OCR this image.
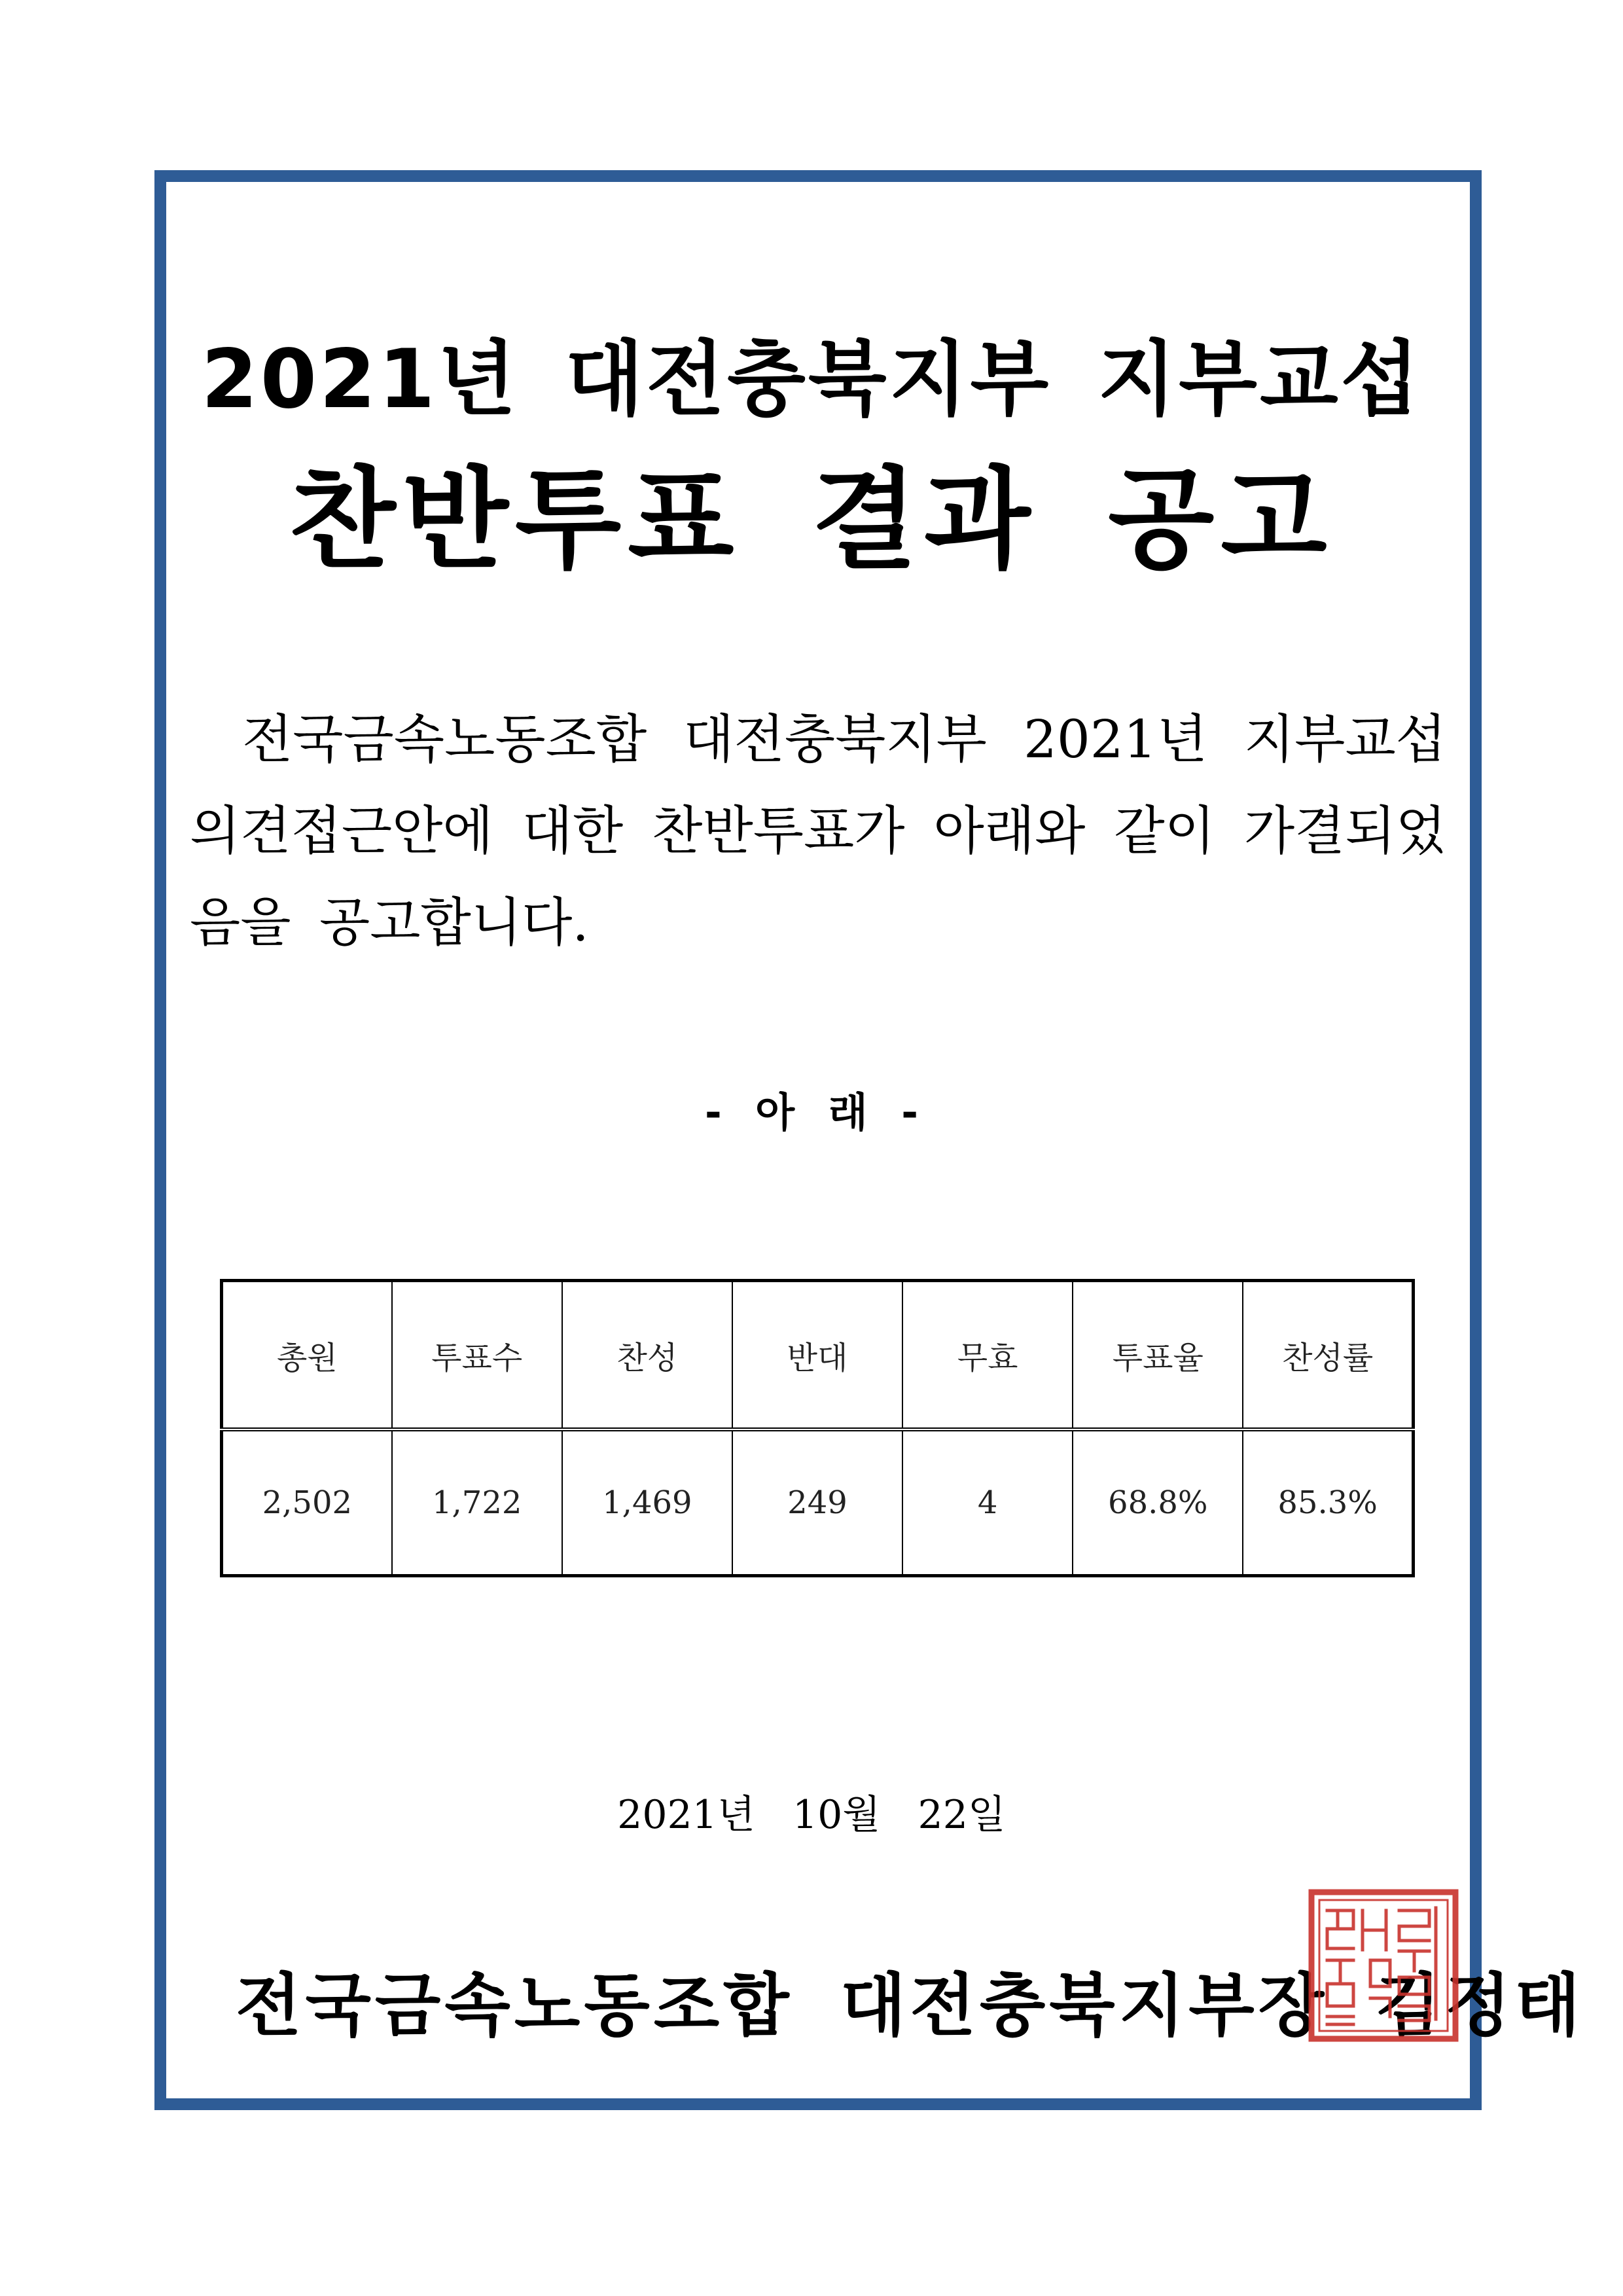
2021년 대전충북지부 지부교섭
찬반투표 결과 공고
전국금속노동조합 대전충북지부 2021년 지부교섭 의견접근안에 대한 찬반투표가 아래와 같이 가결되었음을 공고합니다.
- 아 래 -
총원	투표수	찬성	반대	무효	투표율	찬성률
2,502	1,722	1,469	249	4	68.8%	85.3%
2021년   10월   22일
전국금속노동조합 대전충북지부장 김정태
